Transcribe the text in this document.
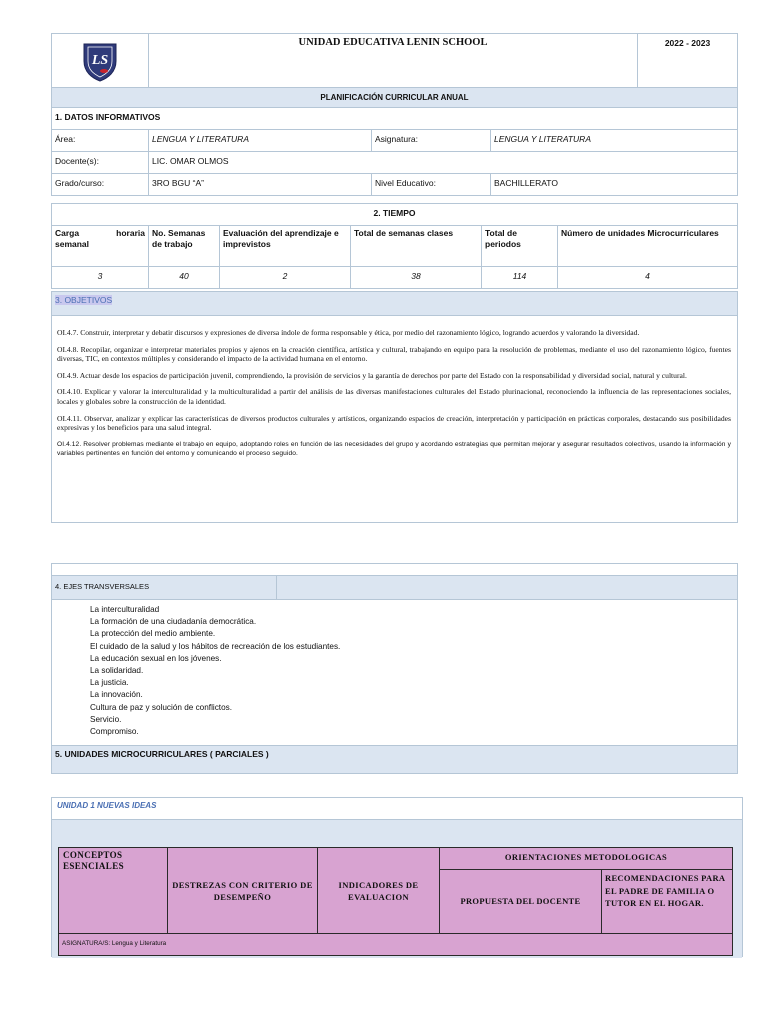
LS
	UNIDAD EDUCATIVA LENIN SCHOOL	2022 - 2023
PLANIFICACIÓN CURRICULAR ANUAL
1. DATOS INFORMATIVOS			
Área:	LENGUA Y LITERATURA	Asignatura:	LENGUA Y LITERATURA
Docente(s):	LIC. OMAR OLMOS		
Grado/curso:	3RO BGU “A”	Nivel Educativo:	BACHILLERATO
2. TIEMPO					
Carga horaria semanal	No. Semanas de trabajo	Evaluación del aprendizaje e imprevistos	Total de semanas clases	Total de periodos	Número de unidades Microcurriculares
3	40	2	38	114	4
3. OBJETIVOS

OI.4.7. Construir, interpretar y debatir discursos y expresiones de diversa índole de forma responsable y ética, por medio del razonamiento lógico, logrando acuerdos y valorando la diversidad.

OI.4.8. Recopilar, organizar e interpretar materiales propios y ajenos en la creación científica, artística y cultural, trabajando en equipo para la resolución de problemas, mediante el uso del razonamiento lógico, fuentes diversas, TIC, en contextos múltiples y considerando el impacto de la actividad humana en el entorno.

OI.4.9. Actuar desde los espacios de participación juvenil, comprendiendo, la provisión de servicios y la garantía de derechos por parte del Estado con la responsabilidad y diversidad social, natural y cultural.

OI.4.10. Explicar y valorar la interculturalidad y la multiculturalidad a partir del análisis de las diversas manifestaciones culturales del Estado plurinacional, reconociendo la influencia de las representaciones sociales, locales y globales sobre la construcción de la identidad.

OI.4.11. Observar, analizar y explicar las características de diversos productos culturales y artísticos, organizando espacios de creación, interpretación y participación en prácticas corporales, destacando sus posibilidades expresivas y los beneficios para una salud integral.

OI.4.12. Resolver problemas mediante el trabajo en equipo, adoptando roles en función de las necesidades del grupo y acordando estrategias que permitan mejorar y asegurar resultados colectivos, usando la información y variables pertinentes en función del entorno y comunicando el proceso seguido.

4. EJES TRANSVERSALES	

La interculturalidad
La formación de una ciudadanía democrática.
La protección del medio ambiente.
El cuidado de la salud y los hábitos de recreación de los estudiantes.
La educación sexual en los jóvenes.
La solidaridad.
La justicia.
La innovación.
Cultura de paz y solución de conflictos.
Servicio.
Compromiso.

5. UNIDADES MICROCURRICULARES ( PARCIALES )
UNIDAD 1 NUEVAS IDEAS
CONCEPTOS ESENCIALES	DESTREZAS CON CRITERIO DE DESEMPEÑO	INDICADORES DE EVALUACION	ORIENTACIONES METODOLOGICAS	
			PROPUESTA DEL DOCENTE	RECOMENDACIONES PARA EL PADRE DE FAMILIA O TUTOR EN EL HOGAR.
ASIGNATURA/S: Lengua y Literatura				
